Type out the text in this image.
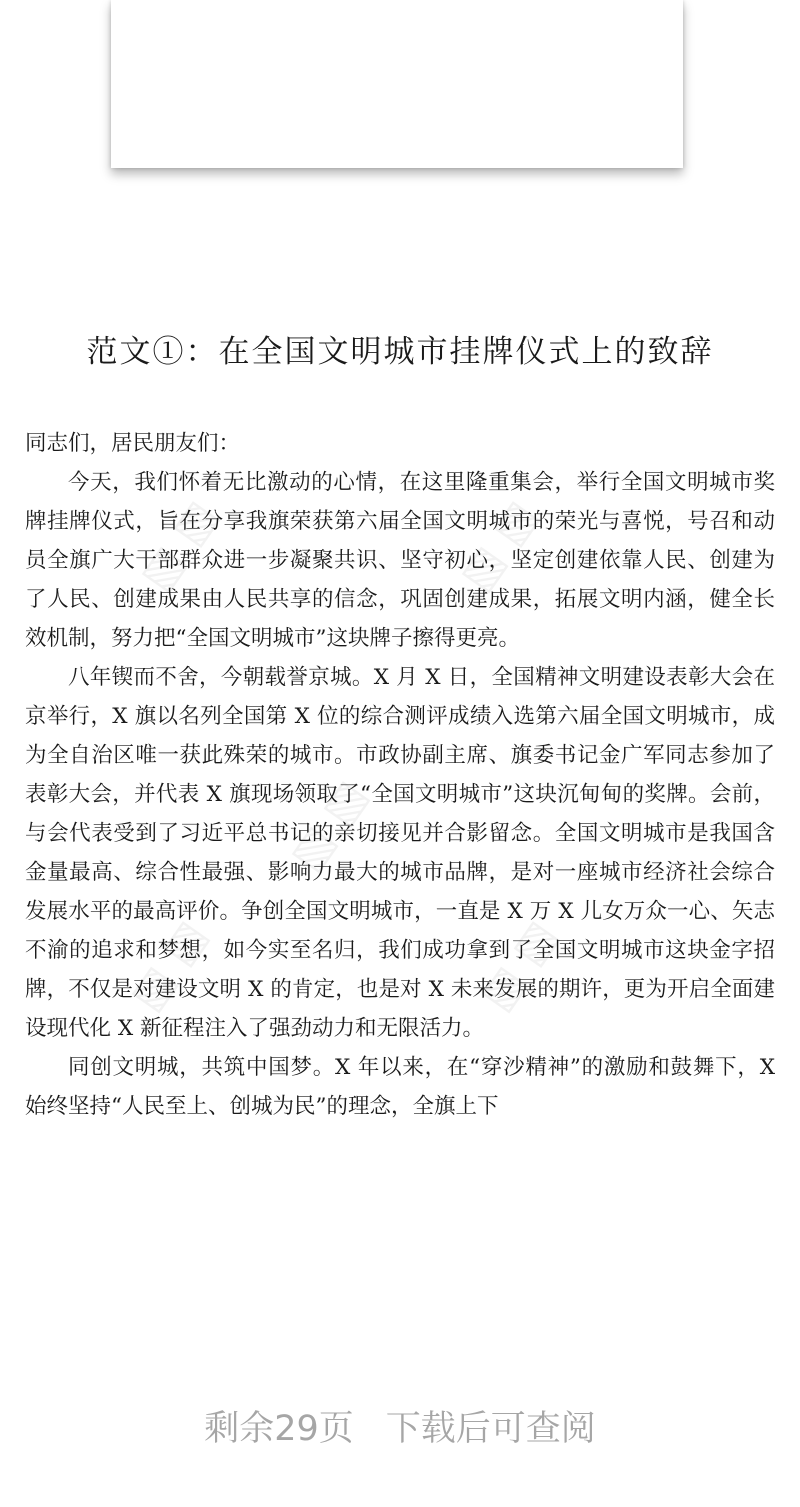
范文①：在全国文明城市挂牌仪式上的致辞

同志们，居民朋友们：

今天，我们怀着无比激动的心情，在这里隆重集会，举行全国文明城市奖牌挂牌仪式，旨在分享我旗荣获第六届全国文明城市的荣光与喜悦，号召和动员全旗广大干部群众进一步凝聚共识、坚守初心，坚定创建依靠人民、创建为了人民、创建成果由人民共享的信念，巩固创建成果，拓展文明内涵，健全长效机制，努力把“全国文明城市”这块牌子擦得更亮。

八年锲而不舍，今朝载誉京城。X 月 X 日，全国精神文明建设表彰大会在京举行，X 旗以名列全国第 X 位的综合测评成绩入选第六届全国文明城市，成为全自治区唯一获此殊荣的城市。市政协副主席、旗委书记金广军同志参加了表彰大会，并代表 X 旗现场领取了“全国文明城市”这块沉甸甸的奖牌。会前，与会代表受到了习近平总书记的亲切接见并合影留念。全国文明城市是我国含金量最高、综合性最强、影响力最大的城市品牌，是对一座城市经济社会综合发展水平的最高评价。争创全国文明城市，一直是 X 万 X 儿女万众一心、矢志不渝的追求和梦想，如今实至名归，我们成功拿到了全国文明城市这块金字招牌，不仅是对建设文明 X 的肯定，也是对 X 未来发展的期许，更为开启全面建设现代化 X 新征程注入了强劲动力和无限活力。

同创文明城，共筑中国梦。X 年以来，在“穿沙精神”的激励和鼓舞下，X 始终坚持“人民至上、创城为民”的理念，全旗上下

▧ ▧	▧ ▧
▧ ▧
▧ ▧	▧ ▧
剩余29页 下载后可查阅
